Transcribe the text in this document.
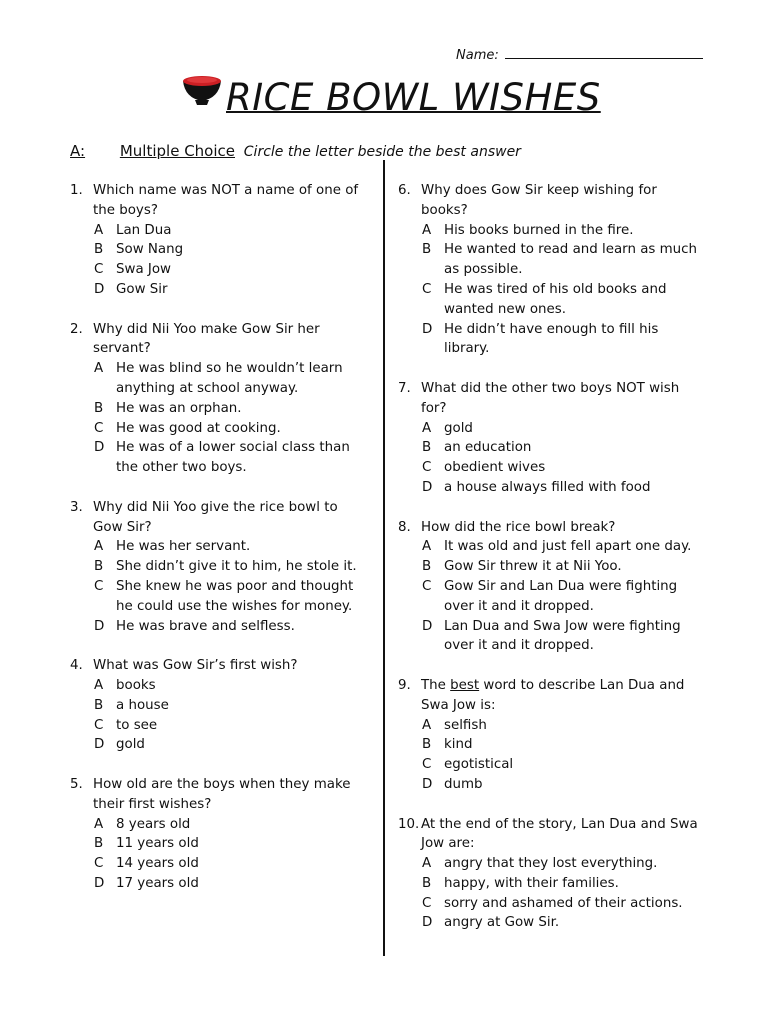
Name:
RICE BOWL WISHES
A: Multiple Choice Circle the letter beside the best answer
1. Which name was NOT a name of one of the boys?
A Lan Dua
B Sow Nang
C Swa Jow
D Gow Sir
2. Why did Nii Yoo make Gow Sir her servant?
A He was blind so he wouldn’t learn anything at school anyway.
B He was an orphan.
C He was good at cooking.
D He was of a lower social class than the other two boys.
3. Why did Nii Yoo give the rice bowl to Gow Sir?
A He was her servant.
B She didn’t give it to him, he stole it.
C She knew he was poor and thought he could use the wishes for money.
D He was brave and selfless.
4. What was Gow Sir’s first wish?
A books
B a house
C to see
D gold
5. How old are the boys when they make their first wishes?
A 8 years old
B 11 years old
C 14 years old
D 17 years old
6. Why does Gow Sir keep wishing for books?
A His books burned in the fire.
B He wanted to read and learn as much as possible.
C He was tired of his old books and wanted new ones.
D He didn’t have enough to fill his library.
7. What did the other two boys NOT wish for?
A gold
B an education
C obedient wives
D a house always filled with food
8. How did the rice bowl break?
A It was old and just fell apart one day.
B Gow Sir threw it at Nii Yoo.
C Gow Sir and Lan Dua were fighting over it and it dropped.
D Lan Dua and Swa Jow were fighting over it and it dropped.
9. The best word to describe Lan Dua and Swa Jow is:
A selfish
B kind
C egotistical
D dumb
10. At the end of the story, Lan Dua and Swa Jow are:
A angry that they lost everything.
B happy, with their families.
C sorry and ashamed of their actions.
D angry at Gow Sir.
